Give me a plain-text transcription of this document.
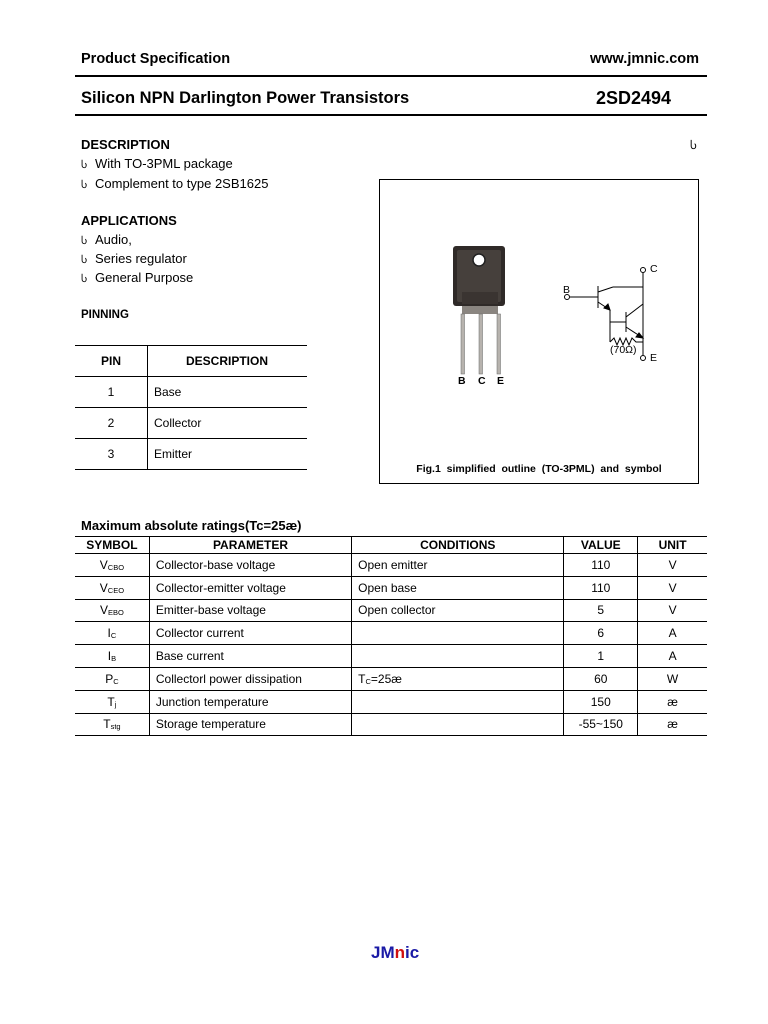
Product Specification	www.jmnic.com
Silicon NPN Darlington Power Transistors	2SD2494
DESCRIPTION	Ⴑ
Ⴑ With TO-3PML package
Ⴑ Complement to type 2SB1625
APPLICATIONS
Ⴑ Audio,
Ⴑ Series regulator
Ⴑ General Purpose
PINNING
PIN	DESCRIPTION
1	Base
2	Collector
3	Emitter
C
B
E
(70Ω)
B C E
Fig.1  simplified  outline  (TO-3PML)  and  symbol
Maximum absolute ratings(Tc=25æ)
SYMBOL	PARAMETER	CONDITIONS	VALUE	UNIT
$V_{CBO}$	Collector-base voltage	Open emitter	110	V
$V_{CEO}$	Collector-emitter voltage	Open base	110	V
$V_{EBO}$	Emitter-base voltage	Open collector	5	V
$I_C$	Collector current		6	A
$I_B$	Base current		1	A
$P_C$	Collectorl power dissipation	$T_C=25æ$	60	W
$T_j$	Junction temperature		150	æ
$T_{stg}$	Storage temperature		-55~150	æ
JMnic
